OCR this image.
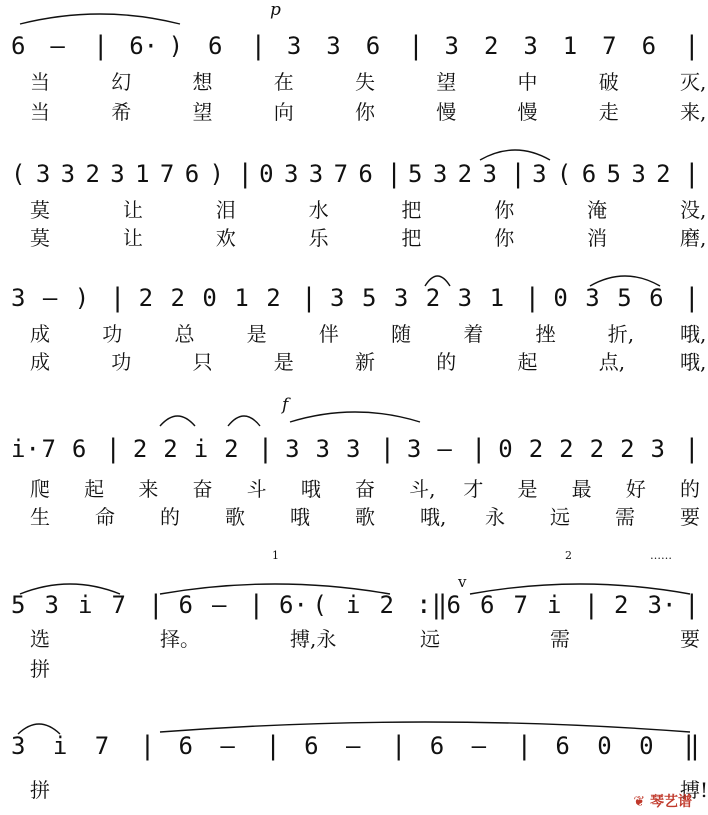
p
6 – | 6· ) 6 | 3 3 6 | 3 2 3 1 7 6 |
当	幻	想	在	失	望	中	破	灭,
当	希	望	向	你	慢	慢	走	来,
( 3 3 2 3 1 7 6 ) | 0 3 3 7 6 | 5 3 2 3 | 3 ( 6 5 3 2 |
莫	让	泪	水	把	你	淹	没,
莫	让	欢	乐	把	你	消	磨,
3 – ) | 2 2 0 1 2 | 3 5 3 2 3 1 | 0 3 5 6 |
成	功	总	是	伴	随	着	挫	折, 哦,
成	功	只	是	新	的	起	点,	哦,
f
i· 7 6 | 2 2 i 2 | 3 3 3 | 3 – | 0 2 2 2 2 3 |
爬 起 来 奋 斗 哦 奋 斗, 才 是 最 好 的
生 命 的 歌 哦 歌 哦, 永 远 需 要
1	2	……
v
5 3 i 7 | 6 – | 6· ( i 2 :‖ 6 6 7 i | 2 3· |
选	择。	搏,永	远	需	要
拼
3 i 7 | 6 – | 6 – | 6 – | 6 0 0 ‖
拼	搏!
❦ 琴艺谱
